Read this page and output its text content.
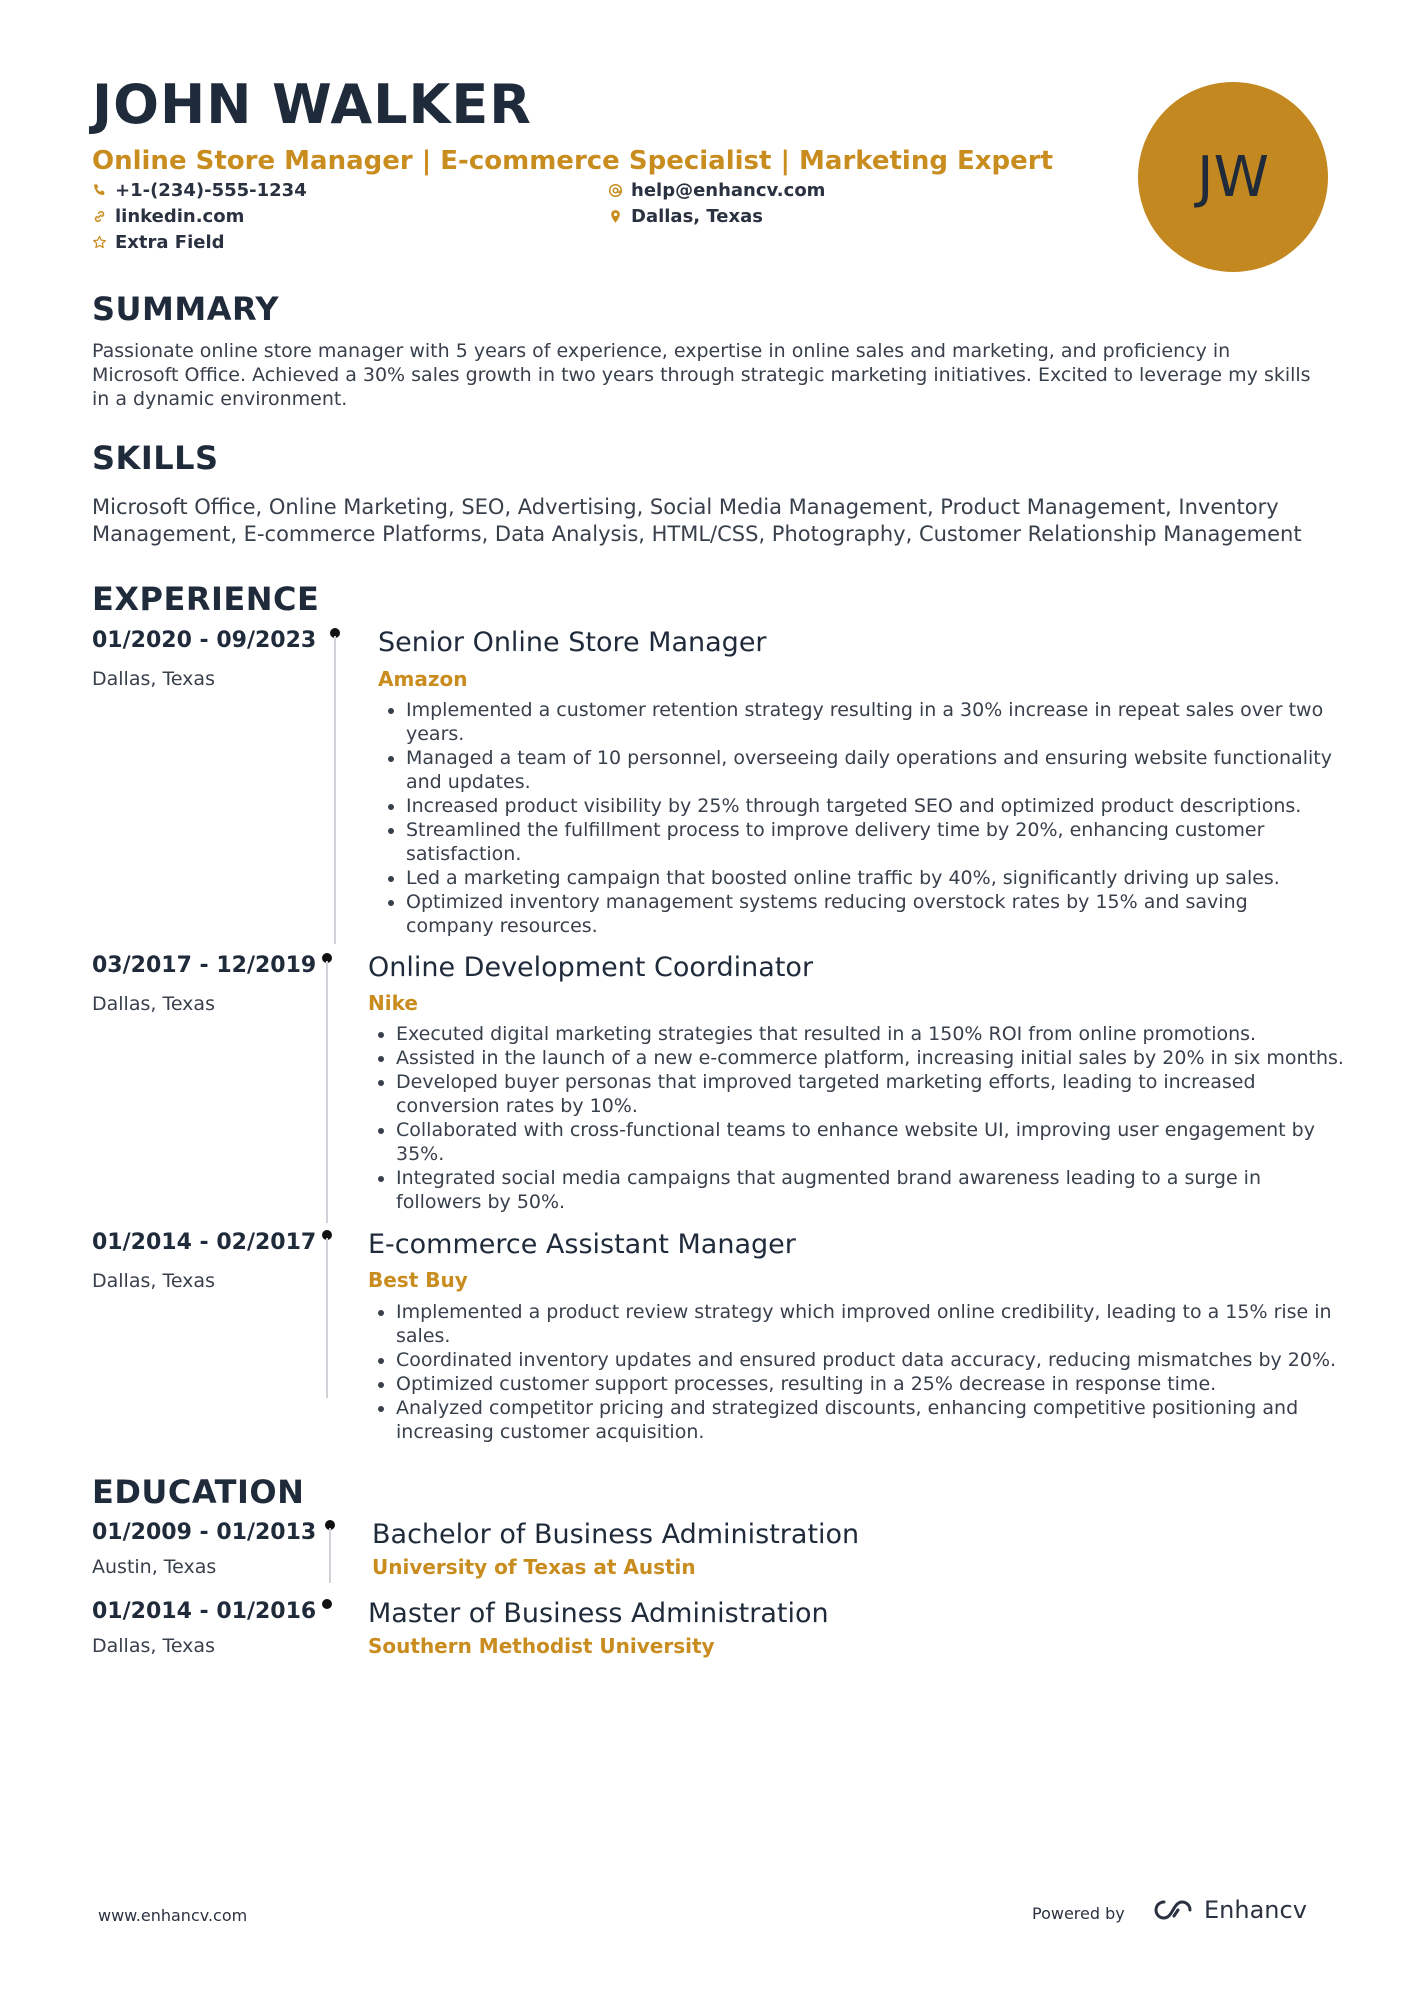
JOHN WALKER
Online Store Manager | E-commerce Specialist | Marketing Expert
+1-(234)-555-1234	help@enhancv.com
linkedin.com	Dallas, Texas
Extra Field
JW
SUMMARY
Passionate online store manager with 5 years of experience, expertise in online sales and marketing, and proficiency in Microsoft Office. Achieved a 30% sales growth in two years through strategic marketing initiatives. Excited to leverage my skills in a dynamic environment.
SKILLS
Microsoft Office, Online Marketing, SEO, Advertising, Social Media Management, Product Management, Inventory Management, E-commerce Platforms, Data Analysis, HTML/CSS, Photography, Customer Relationship Management
EXPERIENCE
01/2020 - 09/2023
Dallas, Texas
Senior Online Store Manager
Amazon
• Implemented a customer retention strategy resulting in a 30% increase in repeat sales over two years.
• Managed a team of 10 personnel, overseeing daily operations and ensuring website functionality and updates.
• Increased product visibility by 25% through targeted SEO and optimized product descriptions.
• Streamlined the fulfillment process to improve delivery time by 20%, enhancing customer satisfaction.
• Led a marketing campaign that boosted online traffic by 40%, significantly driving up sales.
• Optimized inventory management systems reducing overstock rates by 15% and saving company resources.
03/2017 - 12/2019
Dallas, Texas
Online Development Coordinator
Nike
• Executed digital marketing strategies that resulted in a 150% ROI from online promotions.
• Assisted in the launch of a new e-commerce platform, increasing initial sales by 20% in six months.
• Developed buyer personas that improved targeted marketing efforts, leading to increased conversion rates by 10%.
• Collaborated with cross-functional teams to enhance website UI, improving user engagement by 35%.
• Integrated social media campaigns that augmented brand awareness leading to a surge in followers by 50%.
01/2014 - 02/2017
Dallas, Texas
E-commerce Assistant Manager
Best Buy
• Implemented a product review strategy which improved online credibility, leading to a 15% rise in sales.
• Coordinated inventory updates and ensured product data accuracy, reducing mismatches by 20%.
• Optimized customer support processes, resulting in a 25% decrease in response time.
• Analyzed competitor pricing and strategized discounts, enhancing competitive positioning and increasing customer acquisition.
EDUCATION
01/2009 - 01/2013
Austin, Texas
Bachelor of Business Administration
University of Texas at Austin
01/2014 - 01/2016
Dallas, Texas
Master of Business Administration
Southern Methodist University
www.enhancv.com	Powered by	Enhancv
